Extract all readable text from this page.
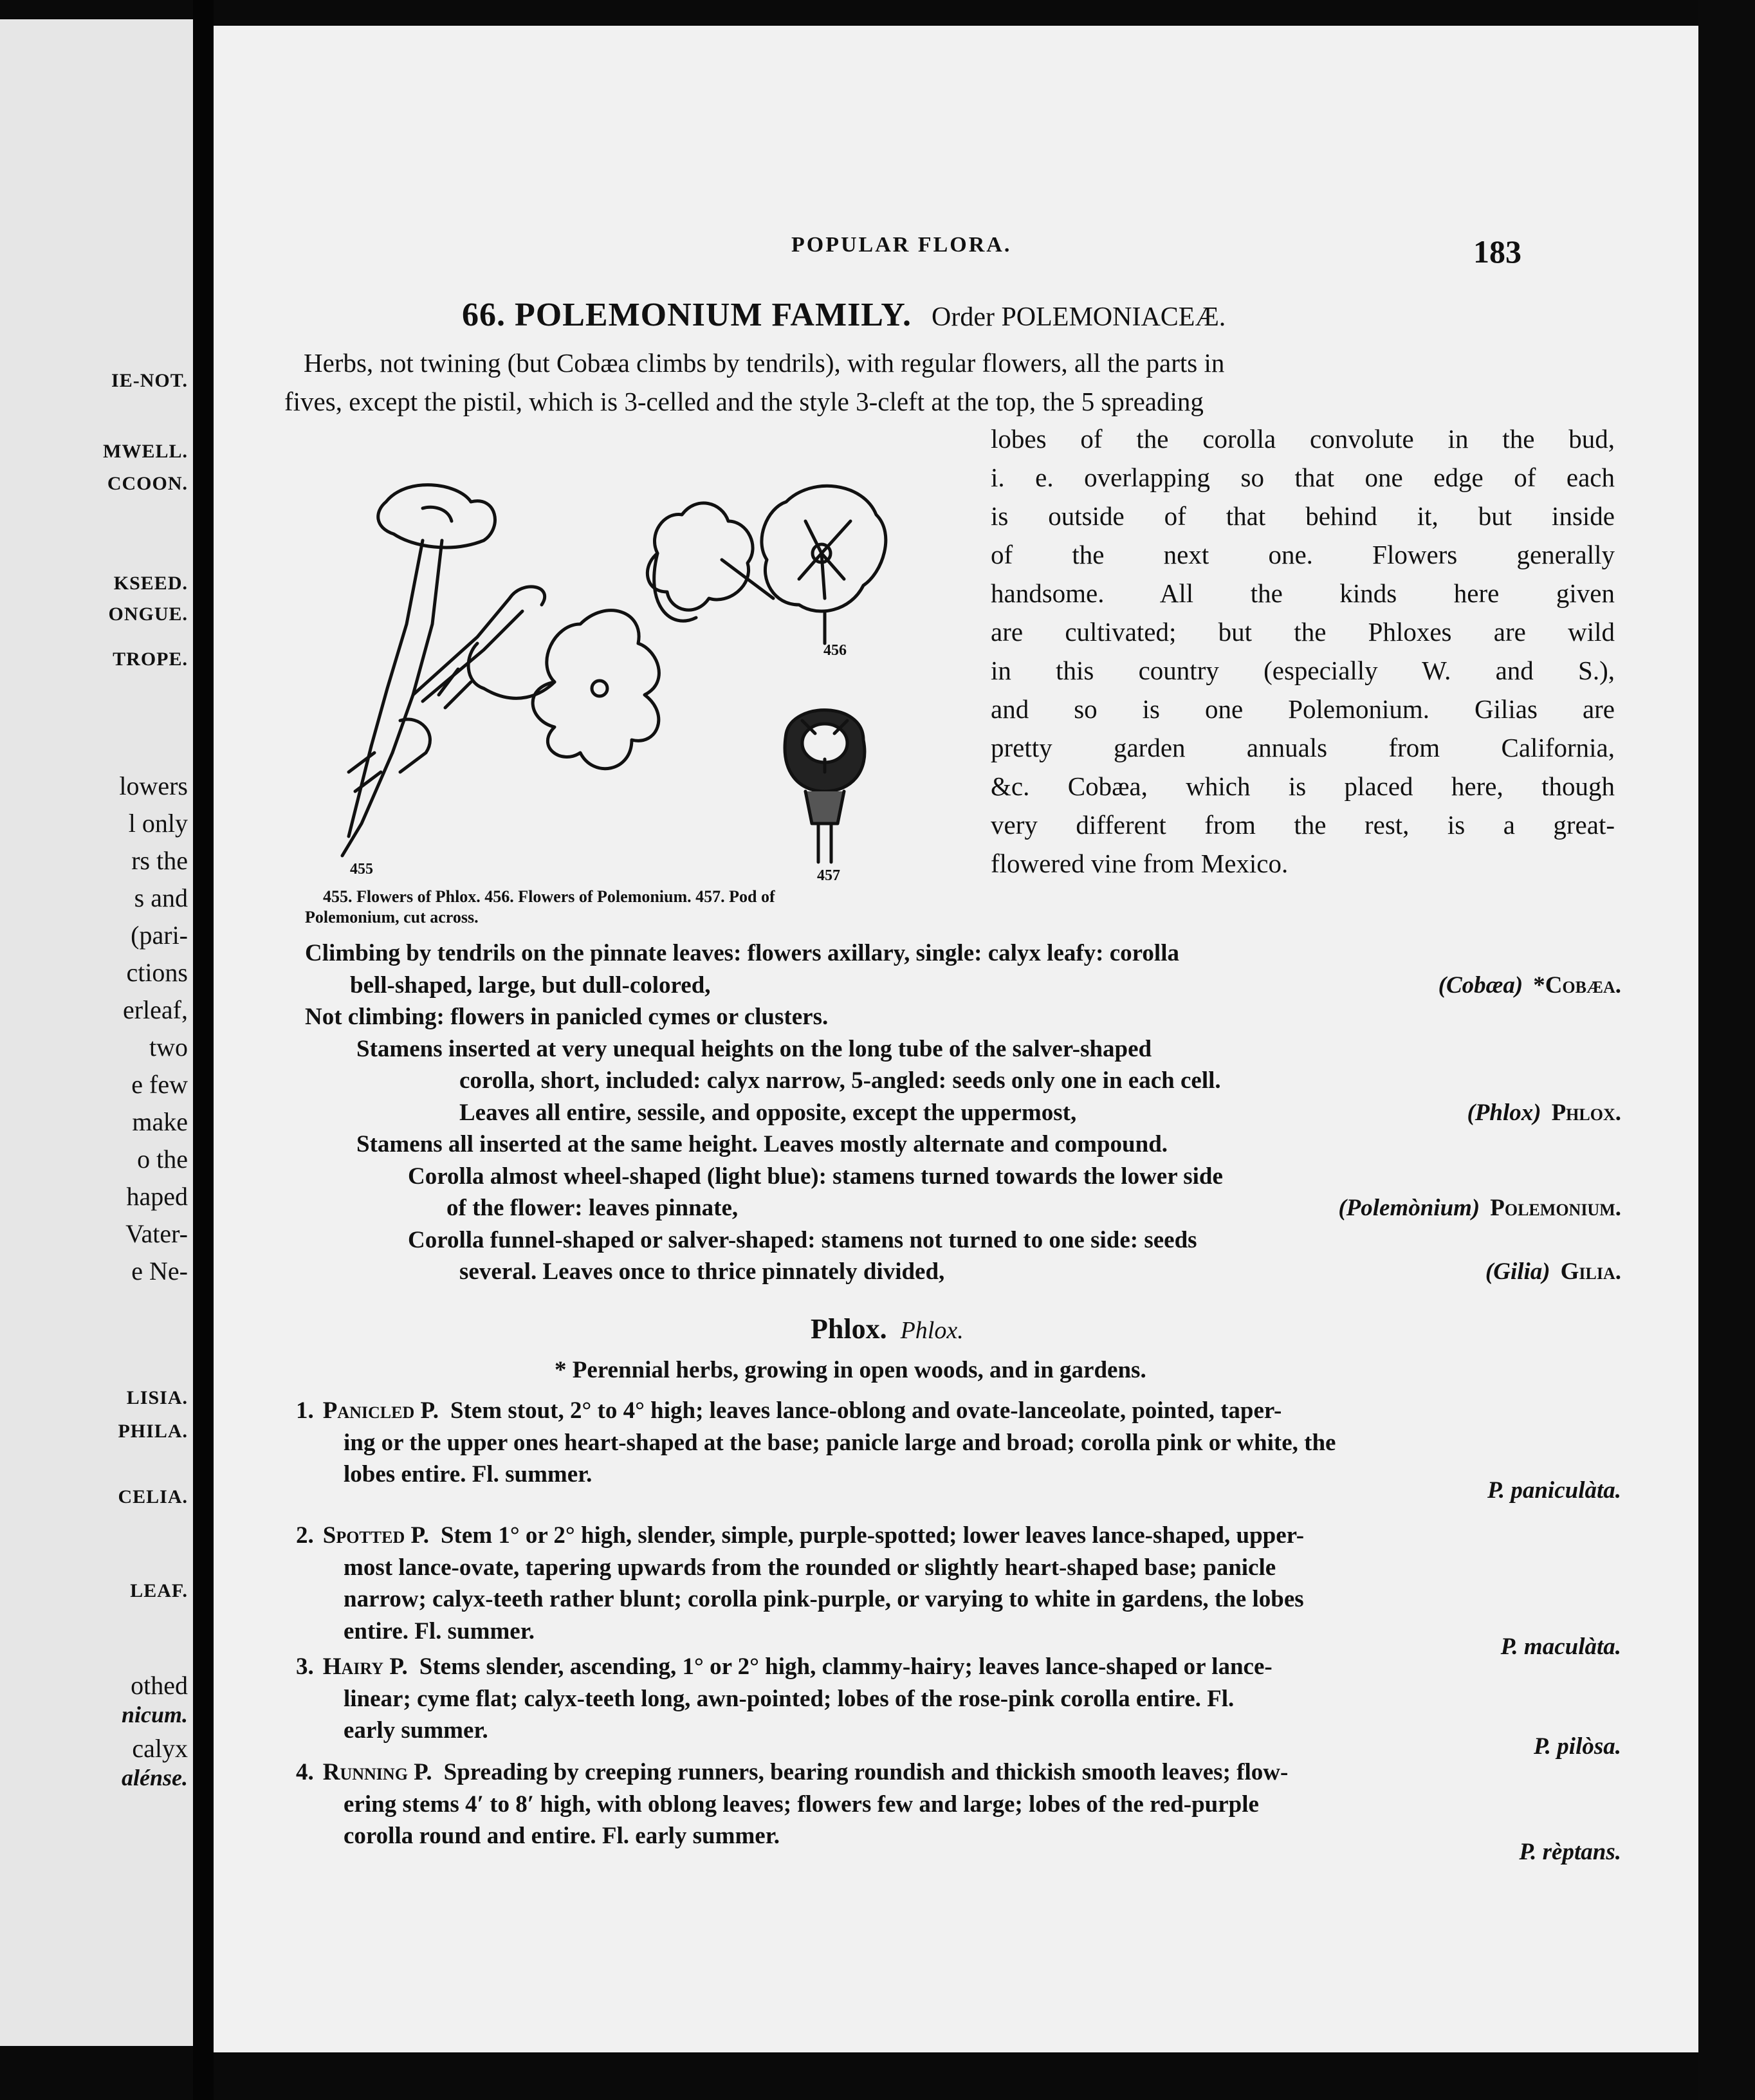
IE-NOT.
MWELL.
CCOON.
KSEED.
ONGUE.
TROPE.
lowers
l only
rs the
s and
(pari-
ctions
erleaf,
two
e few
make
o the
haped
Vater-
e Ne-
LISIA.
PHILA.
CELIA.
LEAF.
othed
nicum.
calyx
alénse.
POPULAR FLORA.	183
66. POLEMONIUM FAMILY. Order POLEMONIACEÆ.
Herbs, not twining (but Cobæa climbs by tendrils), with regular flowers, all the parts in
fives, except the pistil, which is 3-celled and the style 3-cleft at the top, the 5 spreading
lobes of the corolla convolute in the bud,
i. e. overlapping so that one edge of each
is outside of that behind it, but inside
of the next one. Flowers generally
handsome. All the kinds here given
are cultivated; but the Phloxes are wild
in this country (especially W. and S.),
and so is one Polemonium. Gilias are
pretty garden annuals from California,
&c. Cobæa, which is placed here, though
very different from the rest, is a great-
flowered vine from Mexico.
455
456
457
455. Flowers of Phlox. 456. Flowers of Polemonium. 457. Pod of
Polemonium, cut across.
Climbing by tendrils on the pinnate leaves: flowers axillary, single: calyx leafy: corolla
bell-shaped, large, but dull-colored,	(Cobæa) *Cobæa.
Not climbing: flowers in panicled cymes or clusters.
Stamens inserted at very unequal heights on the long tube of the salver-shaped
corolla, short, included: calyx narrow, 5-angled: seeds only one in each cell.
Leaves all entire, sessile, and opposite, except the uppermost,	(Phlox) Phlox.
Stamens all inserted at the same height. Leaves mostly alternate and compound.
Corolla almost wheel-shaped (light blue): stamens turned towards the lower side
of the flower: leaves pinnate,	(Polemònium) Polemonium.
Corolla funnel-shaped or salver-shaped: stamens not turned to one side: seeds
several. Leaves once to thrice pinnately divided,	(Gilia) Gilia.
Phlox. Phlox.
* Perennial herbs, growing in open woods, and in gardens.
1. Panicled P. Stem stout, 2° to 4° high; leaves lance-oblong and ovate-lanceolate, pointed, taper-
ing or the upper ones heart-shaped at the base; panicle large and broad; corolla pink or white, the
lobes entire. Fl. summer.
P. paniculàta.
2. Spotted P. Stem 1° or 2° high, slender, simple, purple-spotted; lower leaves lance-shaped, upper-
most lance-ovate, tapering upwards from the rounded or slightly heart-shaped base; panicle
narrow; calyx-teeth rather blunt; corolla pink-purple, or varying to white in gardens, the lobes
entire. Fl. summer.
P. maculàta.
3. Hairy P. Stems slender, ascending, 1° or 2° high, clammy-hairy; leaves lance-shaped or lance-
linear; cyme flat; calyx-teeth long, awn-pointed; lobes of the rose-pink corolla entire. Fl.
early summer.
P. pilòsa.
4. Running P. Spreading by creeping runners, bearing roundish and thickish smooth leaves; flow-
ering stems 4′ to 8′ high, with oblong leaves; flowers few and large; lobes of the red-purple
corolla round and entire. Fl. early summer.
P. rèptans.
